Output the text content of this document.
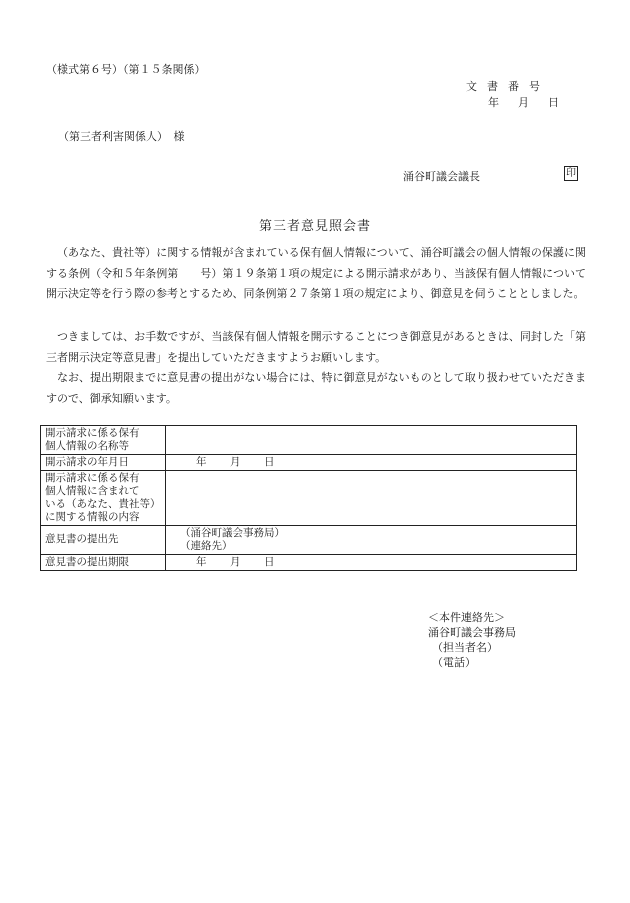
（様式第６号）（第１５条関係）
文書番号
年 月 日
（第三者利害関係人）　様
涌谷町議会議長	印
第三者意見照会書
（あなた、貴社等）に関する情報が含まれている保有個人情報について、涌谷町議会の個人情報の保護に関する条例（令和５年条例第　　号）第１９条第１項の規定による開示請求があり、当該保有個人情報について開示決定等を行う際の参考とするため、同条例第２７条第１項の規定により、御意見を伺うこととしました。
つきましては、お手数ですが、当該保有個人情報を開示することにつき御意見があるときは、同封した「第三者開示決定等意見書」を提出していただきますようお願いします。
なお、提出期限までに意見書の提出がない場合には、特に御意見がないものとして取り扱わせていただきますので、御承知願います。
開示請求に係る保有
個人情報の名称等	

開示請求の年月日	年 月 日

開示請求に係る保有
個人情報に含まれて
いる（あなた、貴社等）
に関する情報の内容	

意見書の提出先	（涌谷町議会事務局）
（連絡先）

意見書の提出期限	年 月 日
＜本件連絡先＞
涌谷町議会事務局
（担当者名）
（電話）
